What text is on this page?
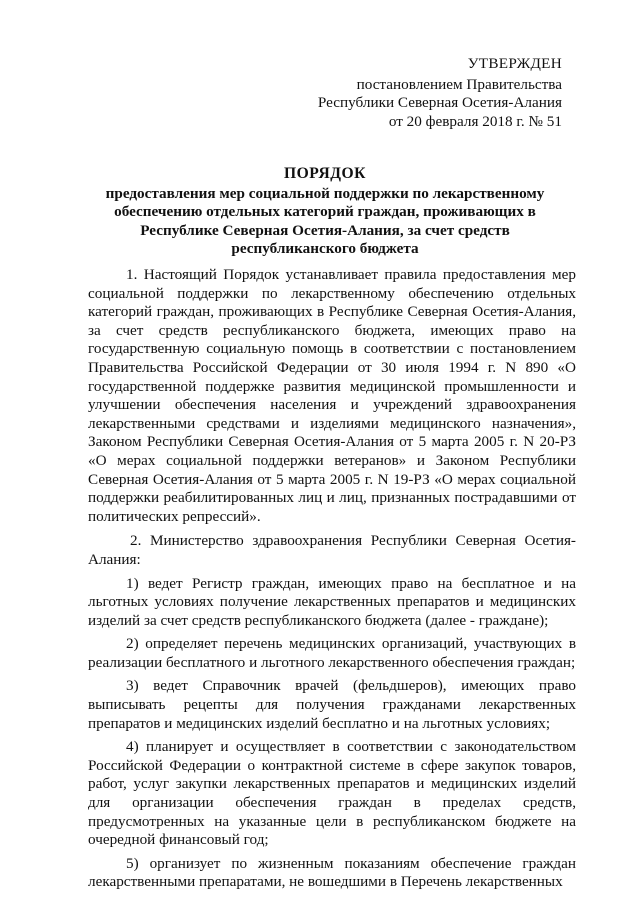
УТВЕРЖДЕН
постановлением Правительства
Республики Северная Осетия-Алания
от 20 февраля 2018 г. № 51
ПОРЯДОК
предоставления мер социальной поддержки по лекарственному обеспечению отдельных категорий граждан, проживающих в Республике Северная Осетия-Алания, за счет средств республиканского бюджета

1. Настоящий Порядок устанавливает правила предоставления мер социальной поддержки по лекарственному обеспечению отдельных категорий граждан, проживающих в Республике Северная Осетия-Алания, за счет средств республиканского бюджета, имеющих право на государственную социальную помощь в соответствии с постановлением Правительства Российской Федерации от 30 июля 1994 г. N 890 «О государственной поддержке развития медицинской промышленности и улучшении обеспечения населения и учреждений здравоохранения лекарственными средствами и изделиями медицинского назначения», Законом Республики Северная Осетия-Алания от 5 марта 2005 г. N 20-РЗ «О мерах социальной поддержки ветеранов» и Законом Республики Северная Осетия-Алания от 5 марта 2005 г. N 19-РЗ «О мерах социальной поддержки реабилитированных лиц и лиц, признанных пострадавшими от политических репрессий».

2. Министерство здравоохранения Республики Северная Осетия-Алания:

1) ведет Регистр граждан, имеющих право на бесплатное и на льготных условиях получение лекарственных препаратов и медицинских изделий за счет средств республиканского бюджета (далее - граждане);

2) определяет перечень медицинских организаций, участвующих в реализации бесплатного и льготного лекарственного обеспечения граждан;

3) ведет Справочник врачей (фельдшеров), имеющих право выписывать рецепты для получения гражданами лекарственных препаратов и медицинских изделий бесплатно и на льготных условиях;

4) планирует и осуществляет в соответствии с законодательством Российской Федерации о контрактной системе в сфере закупок товаров, работ, услуг закупки лекарственных препаратов и медицинских изделий для организации обеспечения граждан в пределах средств, предусмотренных на указанные цели в республиканском бюджете на очередной финансовый год;

5) организует по жизненным показаниям обеспечение граждан лекарственными препаратами, не вошедшими в Перечень лекарственных
